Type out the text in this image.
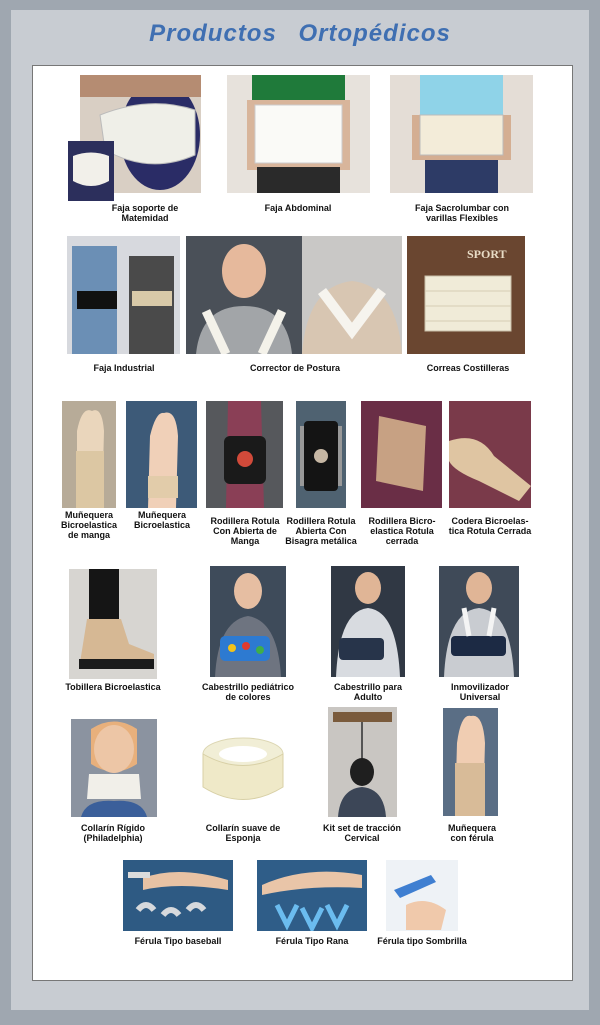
Productos Ortopédicos
Faja soporte de
Matemidad
Faja Abdominal	Faja Sacrolumbar con
varillas Flexibles
Faja Industrial	Corrector de Postura
SPORT
Correas Costilleras
Muñequera
Bicroelastica
de manga
Muñequera
Bicroelastica	Rodillera Rotula
Con Abierta de
Manga
Rodillera Rotula
Abierta Con
Bisagra metálica
Rodillera Bicro-
elastica Rotula
cerrada
Codera Bicroelas-
tica Rotula Cerrada
Tobillera Bicroelastica	Cabestrillo pediátrico
de colores
Cabestrillo para
Adulto
Inmovilizador
Universal
Collarín Rígido
(Philadelphia)
Collarín suave de
Esponja
Kit set de tracción
Cervical
Muñequera
con férula
Férula Tipo baseball	Férula Tipo Rana	Férula tipo Sombrilla
